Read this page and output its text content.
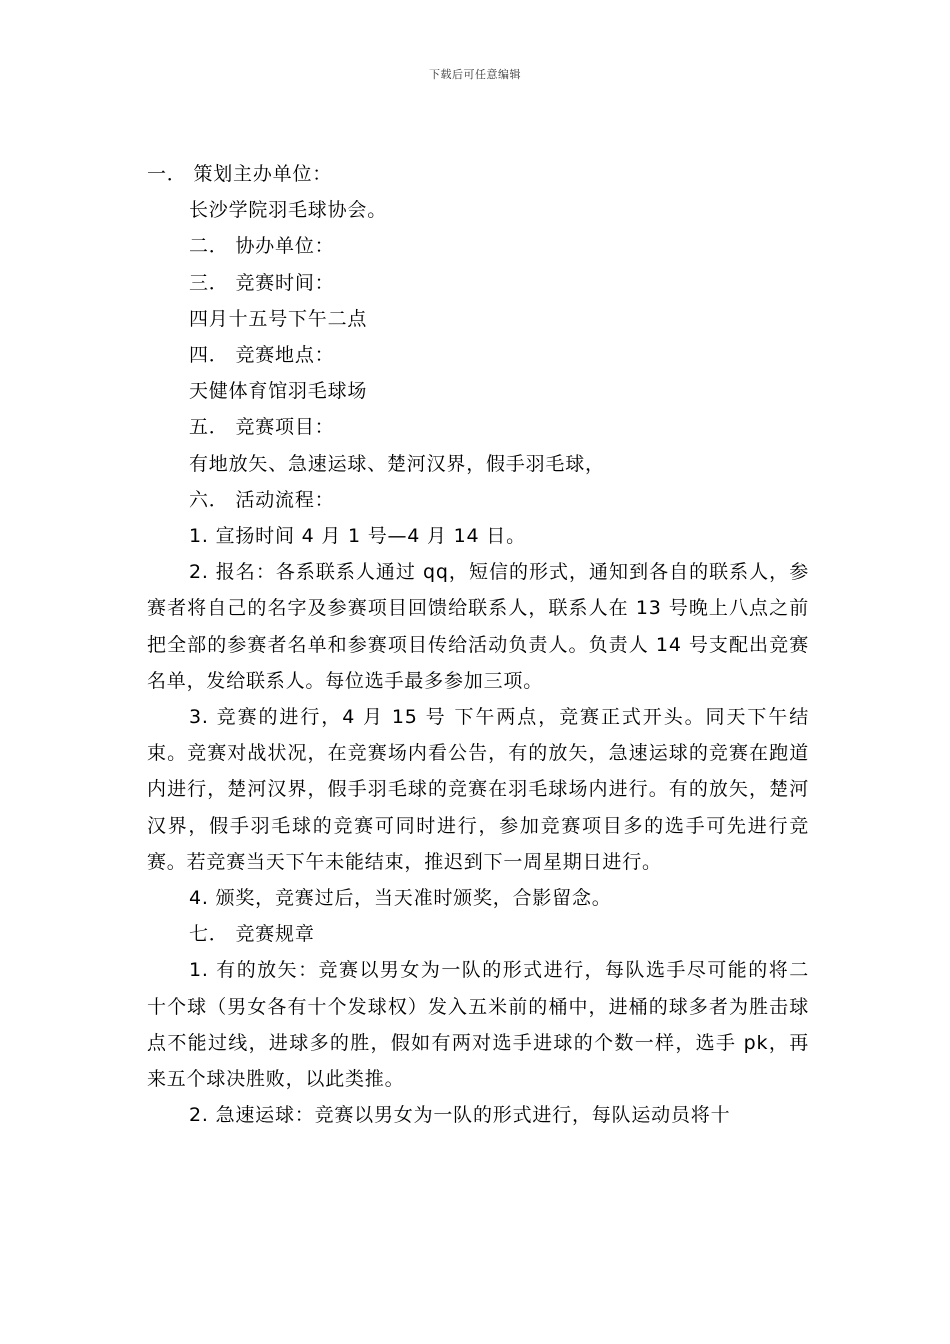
下载后可任意编辑

一． 策划主办单位：

长沙学院羽毛球协会。

二． 协办单位：

三． 竞赛时间：

四月十五号下午二点

四． 竞赛地点：

天健体育馆羽毛球场

五． 竞赛项目：

有地放矢、急速运球、楚河汉界，假手羽毛球，

六． 活动流程：

1. 宣扬时间 4 月 1 号—4 月 14 日。

2. 报名：各系联系人通过 qq，短信的形式，通知到各自的联系人，参赛者将自己的名字及参赛项目回馈给联系人，联系人在 13 号晚上八点之前把全部的参赛者名单和参赛项目传给活动负责人。负责人 14 号支配出竞赛名单，发给联系人。每位选手最多参加三项。

3. 竞赛的进行，4 月 15 号 下午两点，竞赛正式开头。同天下午结束。竞赛对战状况，在竞赛场内看公告，有的放矢，急速运球的竞赛在跑道内进行，楚河汉界，假手羽毛球的竞赛在羽毛球场内进行。有的放矢，楚河汉界，假手羽毛球的竞赛可同时进行，参加竞赛项目多的选手可先进行竞赛。若竞赛当天下午未能结束，推迟到下一周星期日进行。

4. 颁奖，竞赛过后，当天准时颁奖，合影留念。

七． 竞赛规章

1. 有的放矢：竞赛以男女为一队的形式进行，每队选手尽可能的将二十个球（男女各有十个发球权）发入五米前的桶中，进桶的球多者为胜击球点不能过线，进球多的胜，假如有两对选手进球的个数一样，选手 pk，再来五个球决胜败，以此类推。

2. 急速运球：竞赛以男女为一队的形式进行，每队运动员将十
